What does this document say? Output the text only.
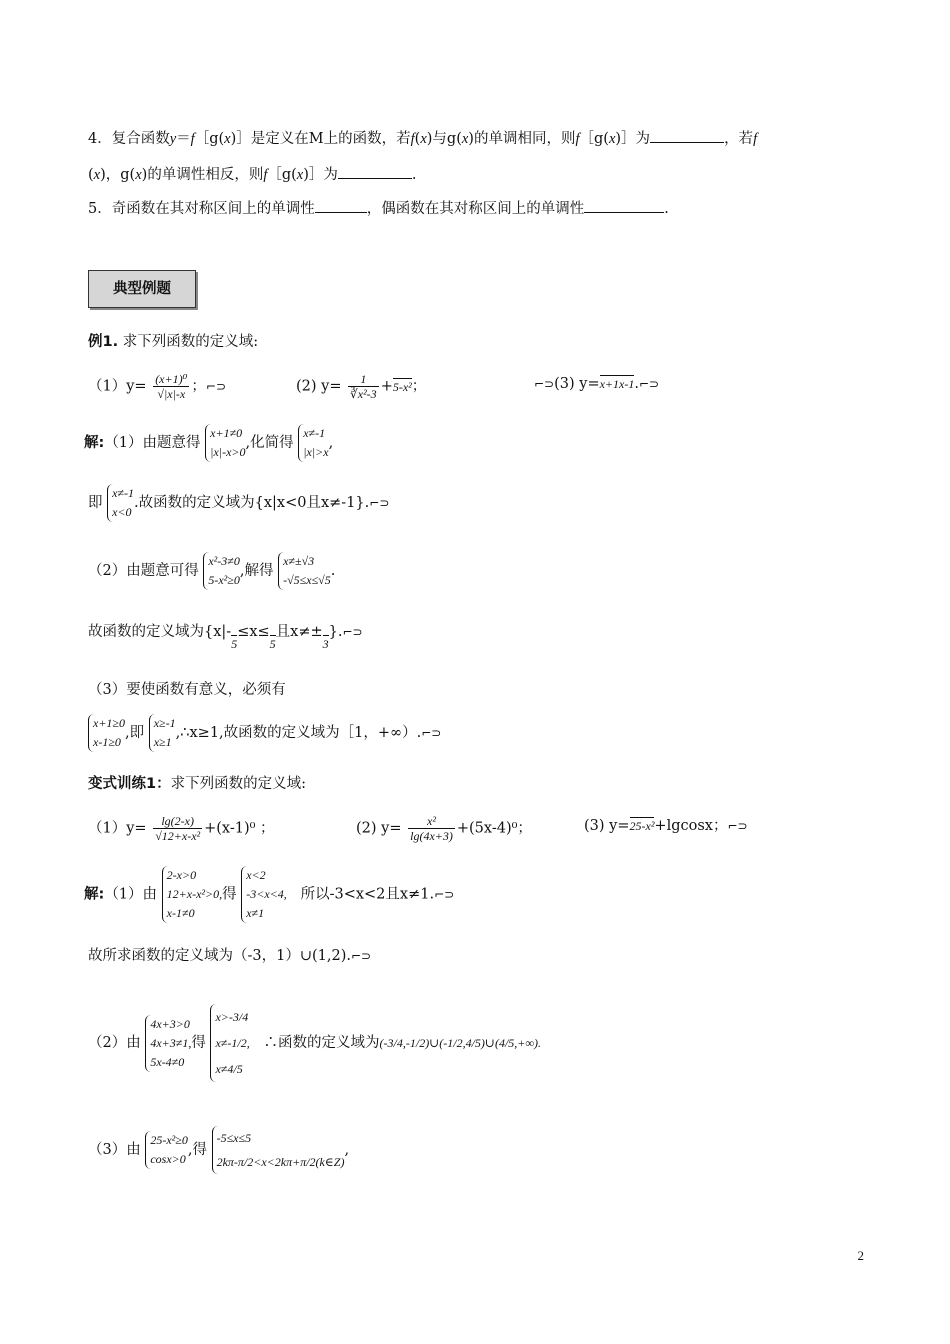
4．复合函数y＝f［g(x)］是定义在M上的函数，若f(x)与g(x)的单调相同，则f［g(x)］为	，若f
(x)，g(x)的单调性相反，则f［g(x)］为	.
5．奇函数在其对称区间上的单调性	，偶函数在其对称区间上的单调性	.
典型例题
例1. 求下列函数的定义域:
$(1)y= \frac{\text{(x+1)⁰}}{√|x|-x}$ ；⌐⊃	(2) $y= \frac{1}{\text{∛x²-3}} +5-x^2$；	⌐⊃(3) y=x+1x-1.⌐⊃
解:（1）由题意得
x+1≠0
|x|-x>0
,化简得
x≠-1
|x|>x
,
即
x≠-1
x<0
.故函数的定义域为{x|x<0且x≠-1}.⌐⊃
（2）由题意可得
x²-3≠0
5-x²≥0
,解得
x≠±√3
-√5≤x≤√5
.
故函数的定义域为{$x|-_5\le x\le_5$且$x\ne\pm_3\}.⌐⊃$
（3）要使函数有意义，必须有
x+1≥0
x-1≥0
,即
x≥-1
x≥1
,∴x≥1,故函数的定义域为［1，+∞）.⌐⊃
变式训练1：求下列函数的定义域:
$(1)y= \frac{\lg(2-x)}{\text{√12+x-x²}} +(x-1)^0$ ；	(2) $y= \frac{\text{x²}}{\lg(4x+3)} +(5x-4)^0$；	(3) y=25-x²+lgcosx；⌐⊃
解:（1）由
2-x>0
12+x-x²>0,
x-1≠0
得
x<2
-3<x<4,
x≠1
所以-3<x<2且x≠1.⌐⊃
故所求函数的定义域为（-3，1）∪(1,2).⌐⊃
（2）由
4x+3>0
4x+3≠1,
5x-4≠0
得
x>-3/4
x≠-1/2,
x≠4/5
∴函数的定义域为(-3/4,-1/2)∪(-1/2,4/5)∪(4/5,+∞).
（3）由
25-x²≥0
cosx>0
,得
-5≤x≤5
2kπ-π/2<x<2kπ+π/2(k∈Z)
,
2
